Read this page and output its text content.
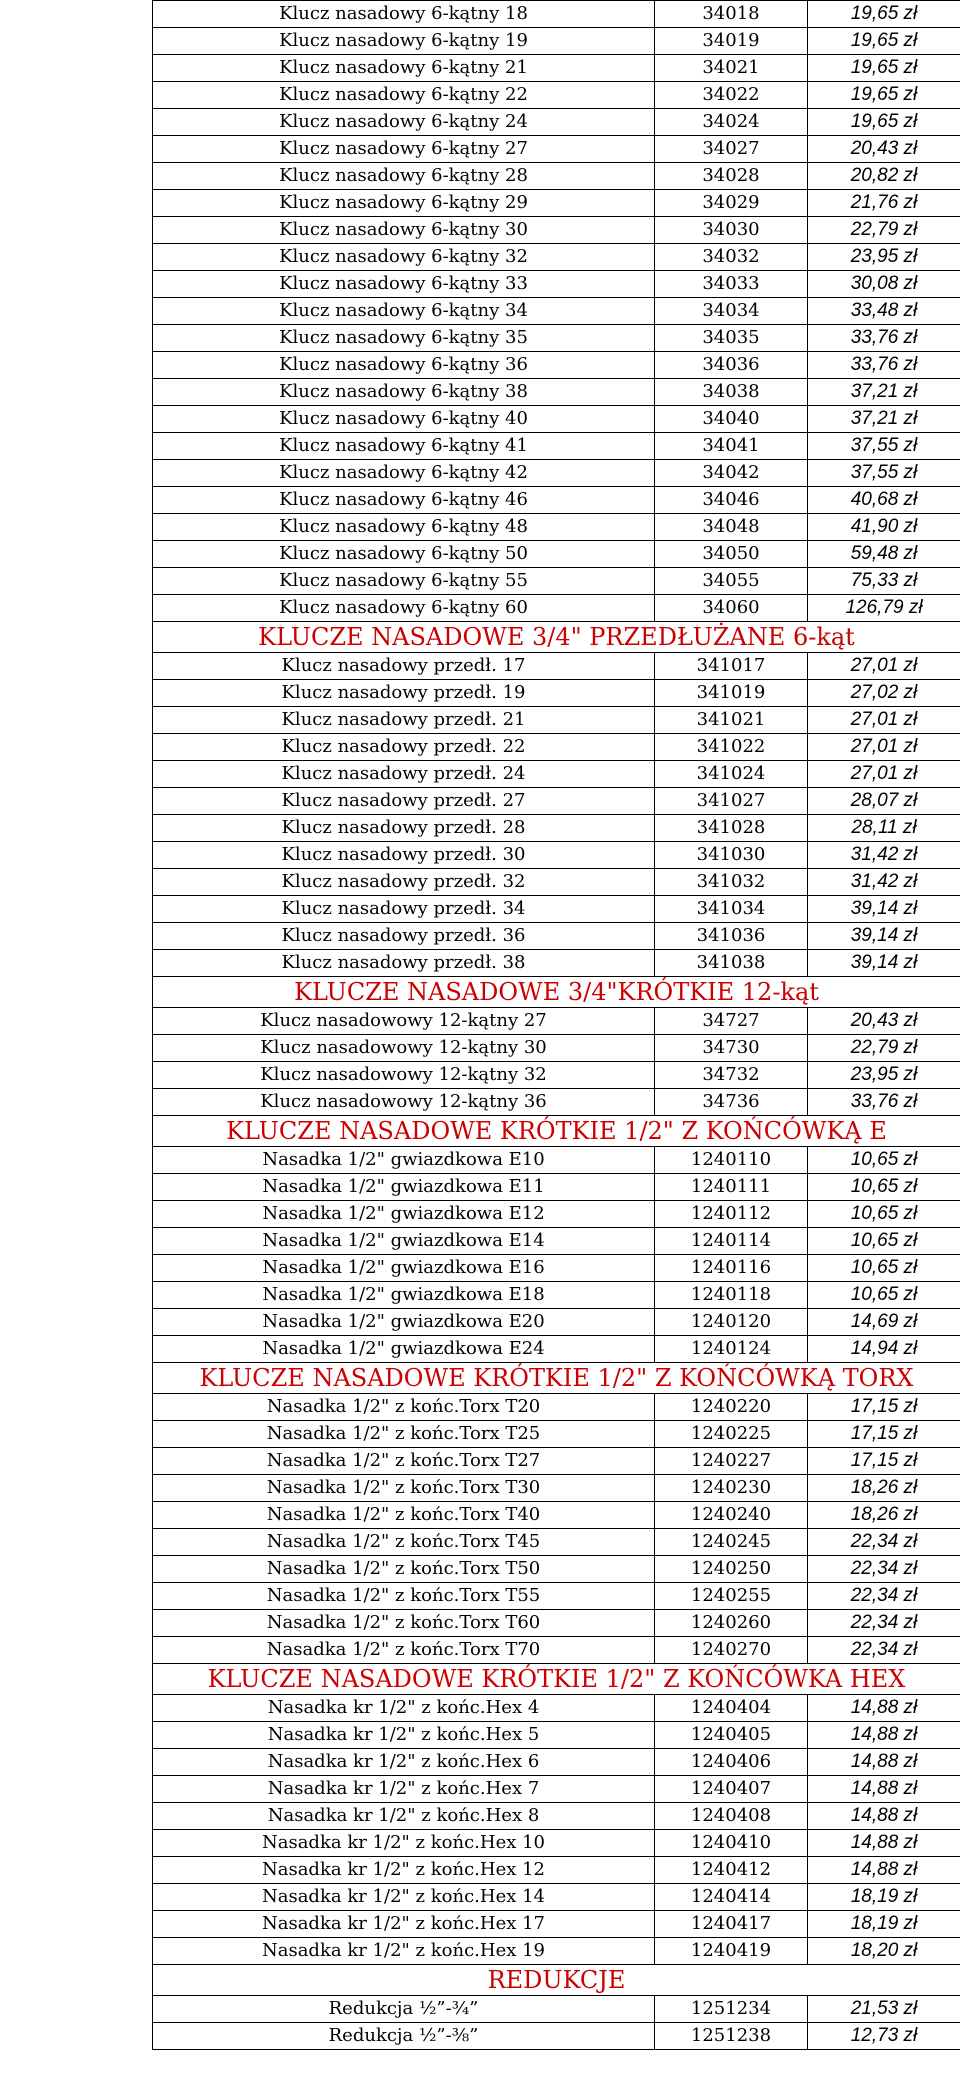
Klucz nasadowy 6-kątny 18	34018	19,65 zł
Klucz nasadowy 6-kątny 19	34019	19,65 zł
Klucz nasadowy 6-kątny 21	34021	19,65 zł
Klucz nasadowy 6-kątny 22	34022	19,65 zł
Klucz nasadowy 6-kątny 24	34024	19,65 zł
Klucz nasadowy 6-kątny 27	34027	20,43 zł
Klucz nasadowy 6-kątny 28	34028	20,82 zł
Klucz nasadowy 6-kątny 29	34029	21,76 zł
Klucz nasadowy 6-kątny 30	34030	22,79 zł
Klucz nasadowy 6-kątny 32	34032	23,95 zł
Klucz nasadowy 6-kątny 33	34033	30,08 zł
Klucz nasadowy 6-kątny 34	34034	33,48 zł
Klucz nasadowy 6-kątny 35	34035	33,76 zł
Klucz nasadowy 6-kątny 36	34036	33,76 zł
Klucz nasadowy 6-kątny 38	34038	37,21 zł
Klucz nasadowy 6-kątny 40	34040	37,21 zł
Klucz nasadowy 6-kątny 41	34041	37,55 zł
Klucz nasadowy 6-kątny 42	34042	37,55 zł
Klucz nasadowy 6-kątny 46	34046	40,68 zł
Klucz nasadowy 6-kątny 48	34048	41,90 zł
Klucz nasadowy 6-kątny 50	34050	59,48 zł
Klucz nasadowy 6-kątny 55	34055	75,33 zł
Klucz nasadowy 6-kątny 60	34060	126,79 zł
KLUCZE NASADOWE 3/4" PRZEDŁUŻANE 6-kąt		
Klucz nasadowy przedł. 17	341017	27,01 zł
Klucz nasadowy przedł. 19	341019	27,02 zł
Klucz nasadowy przedł. 21	341021	27,01 zł
Klucz nasadowy przedł. 22	341022	27,01 zł
Klucz nasadowy przedł. 24	341024	27,01 zł
Klucz nasadowy przedł. 27	341027	28,07 zł
Klucz nasadowy przedł. 28	341028	28,11 zł
Klucz nasadowy przedł. 30	341030	31,42 zł
Klucz nasadowy przedł. 32	341032	31,42 zł
Klucz nasadowy przedł. 34	341034	39,14 zł
Klucz nasadowy przedł. 36	341036	39,14 zł
Klucz nasadowy przedł. 38	341038	39,14 zł
KLUCZE NASADOWE 3/4"KRÓTKIE 12-kąt		
Klucz nasadowowy 12-kątny 27	34727	20,43 zł
Klucz nasadowowy 12-kątny 30	34730	22,79 zł
Klucz nasadowowy 12-kątny 32	34732	23,95 zł
Klucz nasadowowy 12-kątny 36	34736	33,76 zł
KLUCZE NASADOWE KRÓTKIE 1/2" Z KOŃCÓWKĄ E		
Nasadka 1/2" gwiazdkowa E10	1240110	10,65 zł
Nasadka 1/2" gwiazdkowa E11	1240111	10,65 zł
Nasadka 1/2" gwiazdkowa E12	1240112	10,65 zł
Nasadka 1/2" gwiazdkowa E14	1240114	10,65 zł
Nasadka 1/2" gwiazdkowa E16	1240116	10,65 zł
Nasadka 1/2" gwiazdkowa E18	1240118	10,65 zł
Nasadka 1/2" gwiazdkowa E20	1240120	14,69 zł
Nasadka 1/2" gwiazdkowa E24	1240124	14,94 zł
KLUCZE NASADOWE KRÓTKIE 1/2" Z KOŃCÓWKĄ TORX		
Nasadka 1/2" z końc.Torx T20	1240220	17,15 zł
Nasadka 1/2" z końc.Torx T25	1240225	17,15 zł
Nasadka 1/2" z końc.Torx T27	1240227	17,15 zł
Nasadka 1/2" z końc.Torx T30	1240230	18,26 zł
Nasadka 1/2" z końc.Torx T40	1240240	18,26 zł
Nasadka 1/2" z końc.Torx T45	1240245	22,34 zł
Nasadka 1/2" z końc.Torx T50	1240250	22,34 zł
Nasadka 1/2" z końc.Torx T55	1240255	22,34 zł
Nasadka 1/2" z końc.Torx T60	1240260	22,34 zł
Nasadka 1/2" z końc.Torx T70	1240270	22,34 zł
KLUCZE NASADOWE KRÓTKIE 1/2" Z KOŃCÓWKA HEX		
Nasadka kr 1/2" z końc.Hex 4	1240404	14,88 zł
Nasadka kr 1/2" z końc.Hex 5	1240405	14,88 zł
Nasadka kr 1/2" z końc.Hex 6	1240406	14,88 zł
Nasadka kr 1/2" z końc.Hex 7	1240407	14,88 zł
Nasadka kr 1/2" z końc.Hex 8	1240408	14,88 zł
Nasadka kr 1/2" z końc.Hex 10	1240410	14,88 zł
Nasadka kr 1/2" z końc.Hex 12	1240412	14,88 zł
Nasadka kr 1/2" z końc.Hex 14	1240414	18,19 zł
Nasadka kr 1/2" z końc.Hex 17	1240417	18,19 zł
Nasadka kr 1/2" z końc.Hex 19	1240419	18,20 zł
REDUKCJE		
Redukcja ½”-¾”	1251234	21,53 zł
Redukcja ½”-⅜”	1251238	12,73 zł
